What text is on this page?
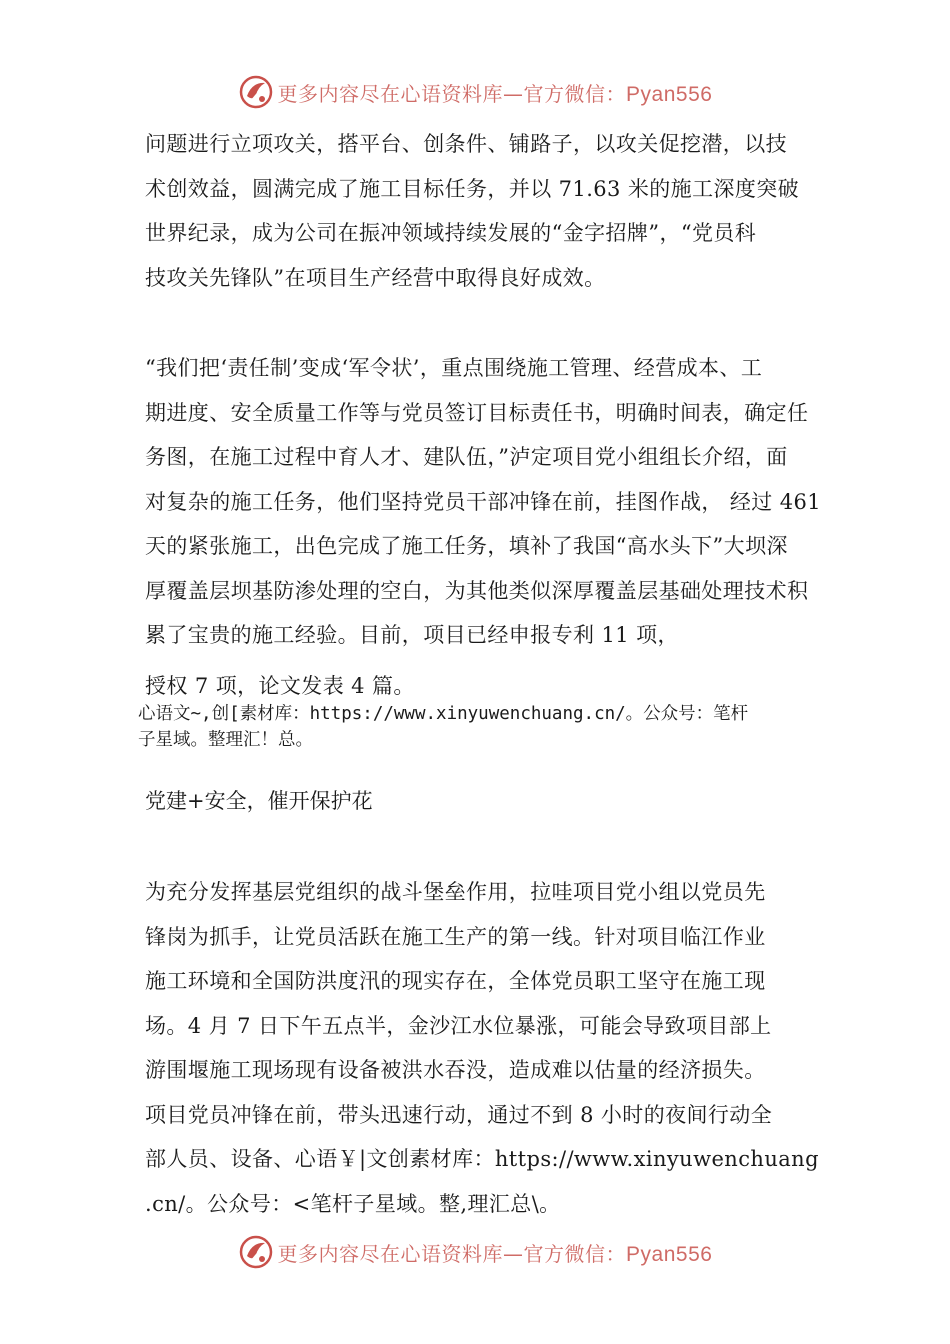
更多内容尽在心语资料库—官方微信：Pyan556
问题进行立项攻关，搭平台、创条件、铺路子，以攻关促挖潜，以技
术创效益，圆满完成了施工目标任务，并以 71.63 米的施工深度突破
世界纪录，成为公司在振冲领域持续发展的“金字招牌”，“党员科
技攻关先锋队”在项目生产经营中取得良好成效。
“我们把‘责任制’变成‘军令状’，重点围绕施工管理、经营成本、工
期进度、安全质量工作等与党员签订目标责任书，明确时间表，确定任
务图，在施工过程中育人才、建队伍，”泸定项目党小组组长介绍，面
对复杂的施工任务，他们坚持党员干部冲锋在前，挂图作战， 经过 461
天的紧张施工，出色完成了施工任务，填补了我国“高水头下”大坝深
厚覆盖层坝基防渗处理的空白，为其他类似深厚覆盖层基础处理技术积
累了宝贵的施工经验。目前，项目已经申报专利 11 项，
授权 7 项，论文发表 4 篇。
心语文~,创[素材库：https://www.xinyuwenchuang.cn/。公众号：笔杆
子星域。整理汇！总。
党建+安全，催开保护花
为充分发挥基层党组织的战斗堡垒作用，拉哇项目党小组以党员先
锋岗为抓手，让党员活跃在施工生产的第一线。针对项目临江作业
施工环境和全国防洪度汛的现实存在，全体党员职工坚守在施工现
场。4 月 7 日下午五点半，金沙江水位暴涨，可能会导致项目部上
游围堰施工现场现有设备被洪水吞没，造成难以估量的经济损失。
项目党员冲锋在前，带头迅速行动，通过不到 8 小时的夜间行动全
部人员、设备、心语￥|文创素材库：https://www.xinyuwenchuang
.cn/。公众号：<笔杆子星域。整,理汇总\。
更多内容尽在心语资料库—官方微信：Pyan556
